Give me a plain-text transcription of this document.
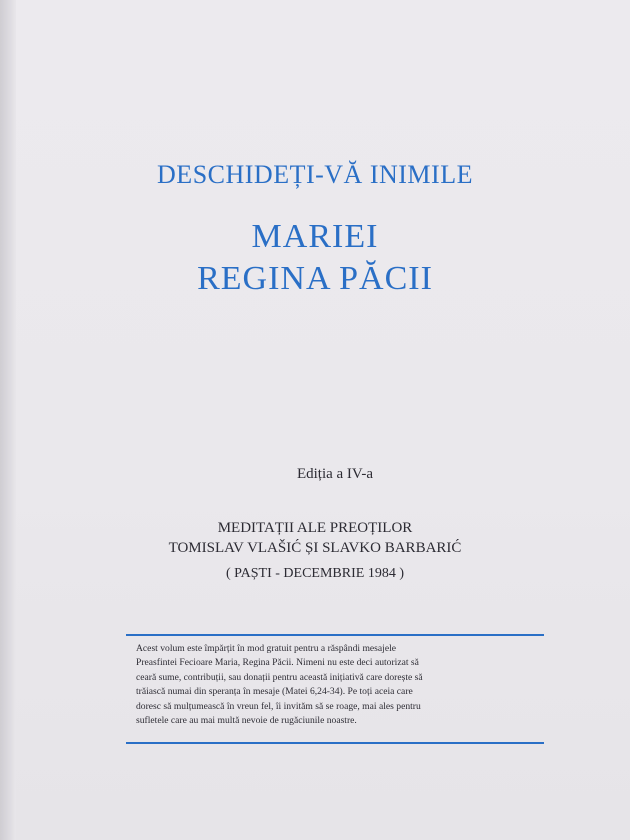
DESCHIDEȚI-VĂ INIMILE
MARIEI
REGINA PĂCII
Ediția a IV-a
MEDITAȚII ALE PREOȚILOR
TOMISLAV VLAŠIĆ ȘI SLAVKO BARBARIĆ
( PAȘTI - DECEMBRIE 1984 )
Acest volum este împărțit în mod gratuit pentru a răspândi mesajele
Preasfintei Fecioare Maria, Regina Păcii. Nimeni nu este deci autorizat să
ceară sume, contribuții, sau donații pentru această inițiativă care dorește să
trăiască numai din speranța în mesaje (Matei 6,24-34). Pe toți aceia care
doresc să mulțumească în vreun fel, îi invităm să se roage, mai ales pentru
sufletele care au mai multă nevoie de rugăciunile noastre.
